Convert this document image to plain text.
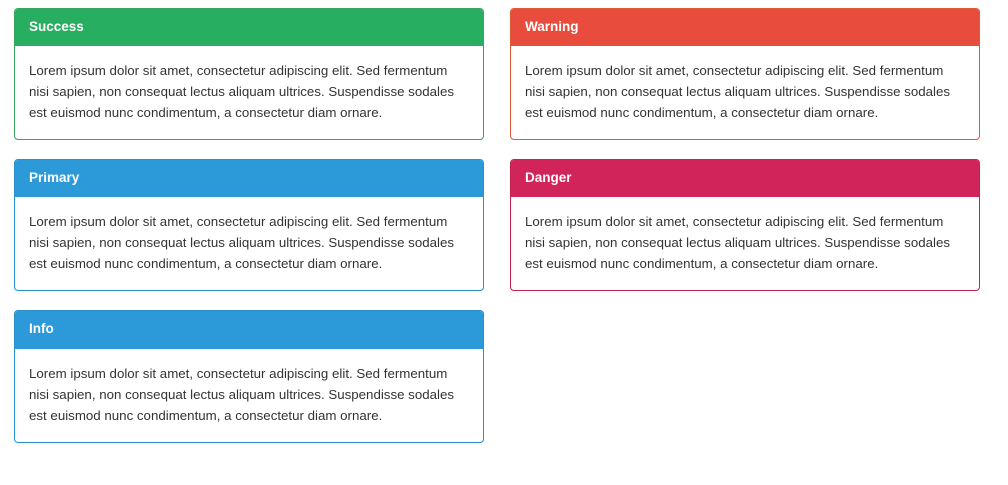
Success

Lorem ipsum dolor sit amet, consectetur adipiscing elit. Sed fermentum nisi sapien, non consequat lectus aliquam ultrices. Suspendisse sodales est euismod nunc condimentum, a consectetur diam ornare.

Primary

Lorem ipsum dolor sit amet, consectetur adipiscing elit. Sed fermentum nisi sapien, non consequat lectus aliquam ultrices. Suspendisse sodales est euismod nunc condimentum, a consectetur diam ornare.

Info

Lorem ipsum dolor sit amet, consectetur adipiscing elit. Sed fermentum nisi sapien, non consequat lectus aliquam ultrices. Suspendisse sodales est euismod nunc condimentum, a consectetur diam ornare.

Warning

Lorem ipsum dolor sit amet, consectetur adipiscing elit. Sed fermentum nisi sapien, non consequat lectus aliquam ultrices. Suspendisse sodales est euismod nunc condimentum, a consectetur diam ornare.

Danger

Lorem ipsum dolor sit amet, consectetur adipiscing elit. Sed fermentum nisi sapien, non consequat lectus aliquam ultrices. Suspendisse sodales est euismod nunc condimentum, a consectetur diam ornare.
